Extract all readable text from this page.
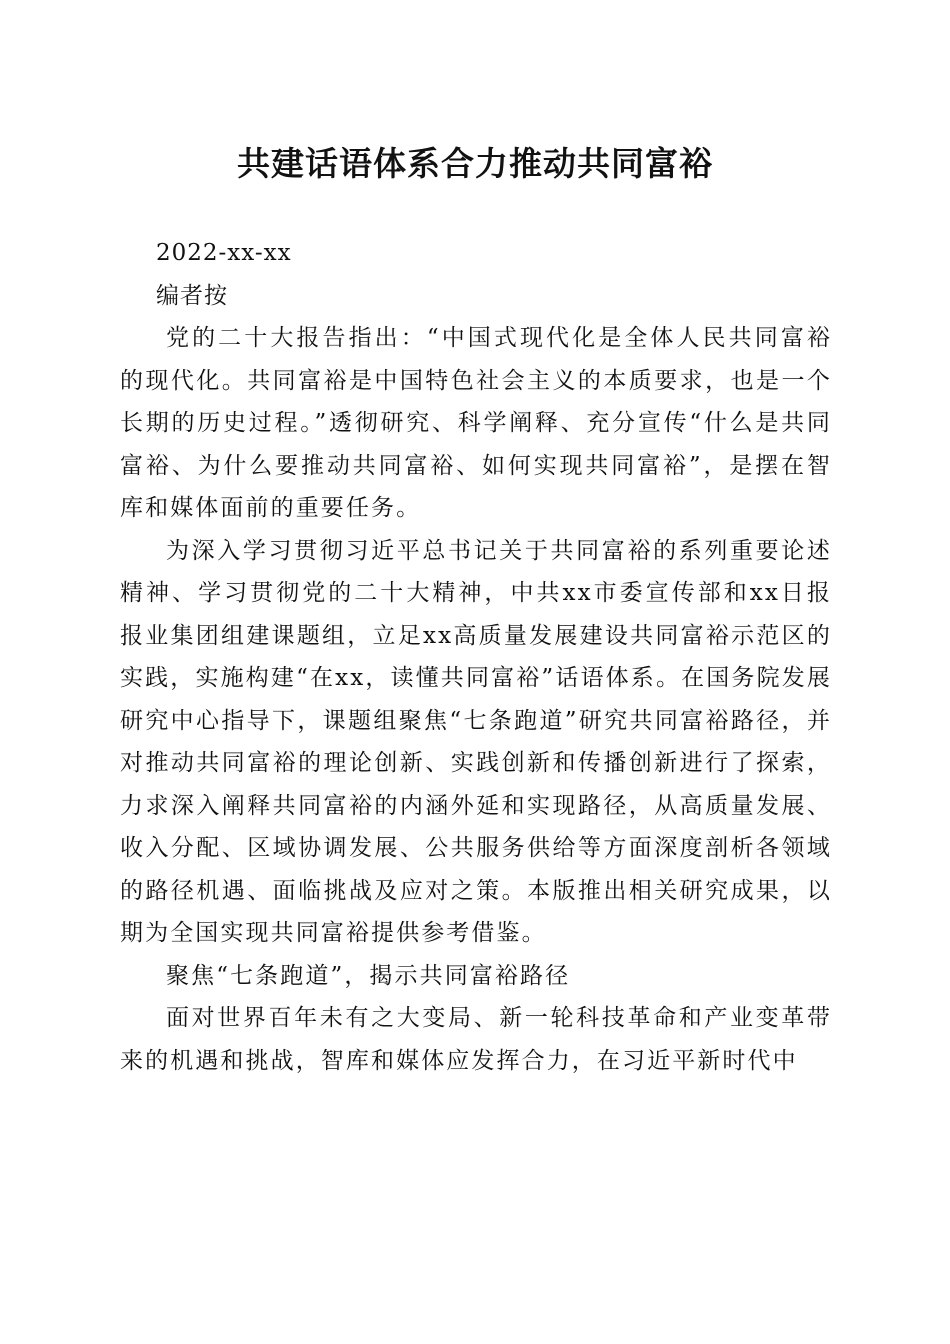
共建话语体系合力推动共同富裕

2022-xx-xx

编者按

党的二十大报告指出：“中国式现代化是全体人民共同富裕的现代化。共同富裕是中国特色社会主义的本质要求，也是一个长期的历史过程。”透彻研究、科学阐释、充分宣传“什么是共同富裕、为什么要推动共同富裕、如何实现共同富裕”，是摆在智库和媒体面前的重要任务。

为深入学习贯彻习近平总书记关于共同富裕的系列重要论述精神、学习贯彻党的二十大精神，中共xx市委宣传部和xx日报报业集团组建课题组，立足xx高质量发展建设共同富裕示范区的实践，实施构建“在xx，读懂共同富裕”话语体系。在国务院发展研究中心指导下，课题组聚焦“七条跑道”研究共同富裕路径，并对推动共同富裕的理论创新、实践创新和传播创新进行了探索，力求深入阐释共同富裕的内涵外延和实现路径，从高质量发展、收入分配、区域协调发展、公共服务供给等方面深度剖析各领域的路径机遇、面临挑战及应对之策。本版推出相关研究成果，以期为全国实现共同富裕提供参考借鉴。

聚焦“七条跑道”，揭示共同富裕路径

面对世界百年未有之大变局、新一轮科技革命和产业变革带来的机遇和挑战，智库和媒体应发挥合力，在习近平新时代中
